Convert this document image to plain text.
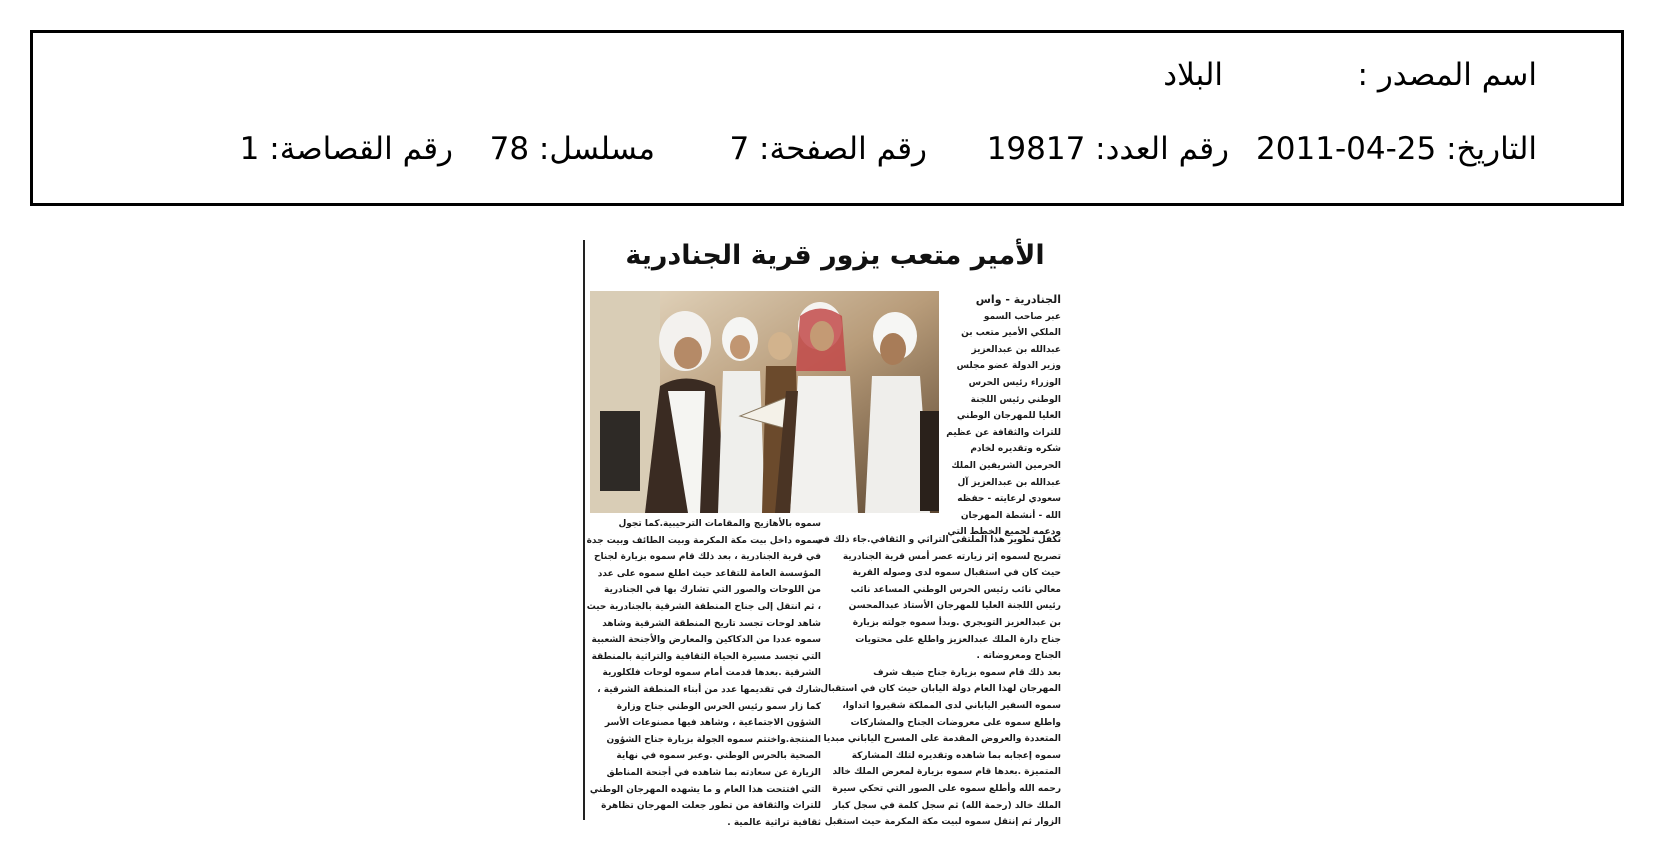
اسم المصدر :
البلاد
التاريخ: 25-04-2011
رقم العدد: 19817
رقم الصفحة: 7
مسلسل: 78
رقم القصاصة: 1
الأمير متعب يزور قرية الجنادرية

الجنادرية - واس

عبر صاحب السمو

الملكي الأمير متعب بن

عبدالله بن عبدالعزيز

وزير الدولة عضو مجلس

الوزراء رئيس الحرس

الوطني رئيس اللجنة

العليا للمهرجان الوطني

للتراث والثقافة عن عظيم

شكره وتقديره لخادم

الحرمين الشريفين الملك

عبدالله بن عبدالعزيز آل

سعودي لرعايته - حفظه

الله - أنشطة المهرجان

ودعمه لجميع الخطط التي

تكفل تطوير هذا الملتقى التراثي و الثقافي.جاء ذلك في

تصريح لسموه إثر زيارته عصر أمس قرية الجنادرية

حيث كان في استقبال سموه لدى وصوله القرية

معالي نائب رئيس الحرس الوطني المساعد نائب

رئيس اللجنة العليا للمهرجان الأستاذ عبدالمحسن

بن عبدالعزيز التويجري .وبدأ سموه جولته بزيارة

جناح دارة الملك عبدالعزيز واطلع على محتويات

الجناح ومعروضاته .

بعد ذلك قام سموه بزيارة جناح ضيف شرف

المهرجان لهذا العام دولة اليابان حيث كان في استقبال

سموه السفير الياباني لدى المملكة شقيروا اتداوا،

واطلع سموه على معروضات الجناح والمشاركات

المتعددة والعروض المقدمة على المسرح الياباني مبديا

سموه إعجابه بما شاهده وتقديره لتلك المشاركة

المتميزة .بعدها قام سموه بزيارة لمعرض الملك خالد

رحمه الله وأطلع سموه على الصور التي تحكي سيرة

الملك خالد (رحمة الله) ثم سجل كلمة في سجل كبار

الزوار ثم إنتقل سموه لبيت مكة المكرمة حيث استقبل

سموه بالأهازيج والمقامات الترحيبية.كما تجول

سموه داخل بيت مكة المكرمة وبيت الطائف وبيت جدة

في قرية الجنادرية ، بعد ذلك قام سموه بزيارة لجناح

المؤسسة العامة للتقاعد حيث اطلع سموه على عدد

من اللوحات والصور التي تشارك بها في الجنادرية

، ثم انتقل إلى جناح المنطقة الشرقية بالجنادرية حيث

شاهد لوحات تجسد تاريخ المنطقة الشرقية وشاهد

سموه عددا من الدكاكين والمعارض والأجنحة الشعبية

التي تجسد مسيرة الحياة الثقافية والتراثية بالمنطقة

الشرقية .بعدها قدمت أمام سموه لوحات فلكلورية

شارك في تقديمها عدد من أبناء المنطقة الشرقية ،

كما زار سمو رئيس الحرس الوطني جناح وزارة

الشؤون الاجتماعية ، وشاهد فيها مصنوعات الأسر

المنتجة.واختتم سموه الجولة بزيارة جناح الشؤون

الصحية بالحرس الوطني .وعبر سموه في نهاية

الزيارة عن سعادته بما شاهده في أجنحة المناطق

التي افتتحت هذا العام و ما يشهده المهرجان الوطني

للتراث والثقافة من تطور جعلت المهرجان تظاهرة

ثقافية تراثية عالمية .
